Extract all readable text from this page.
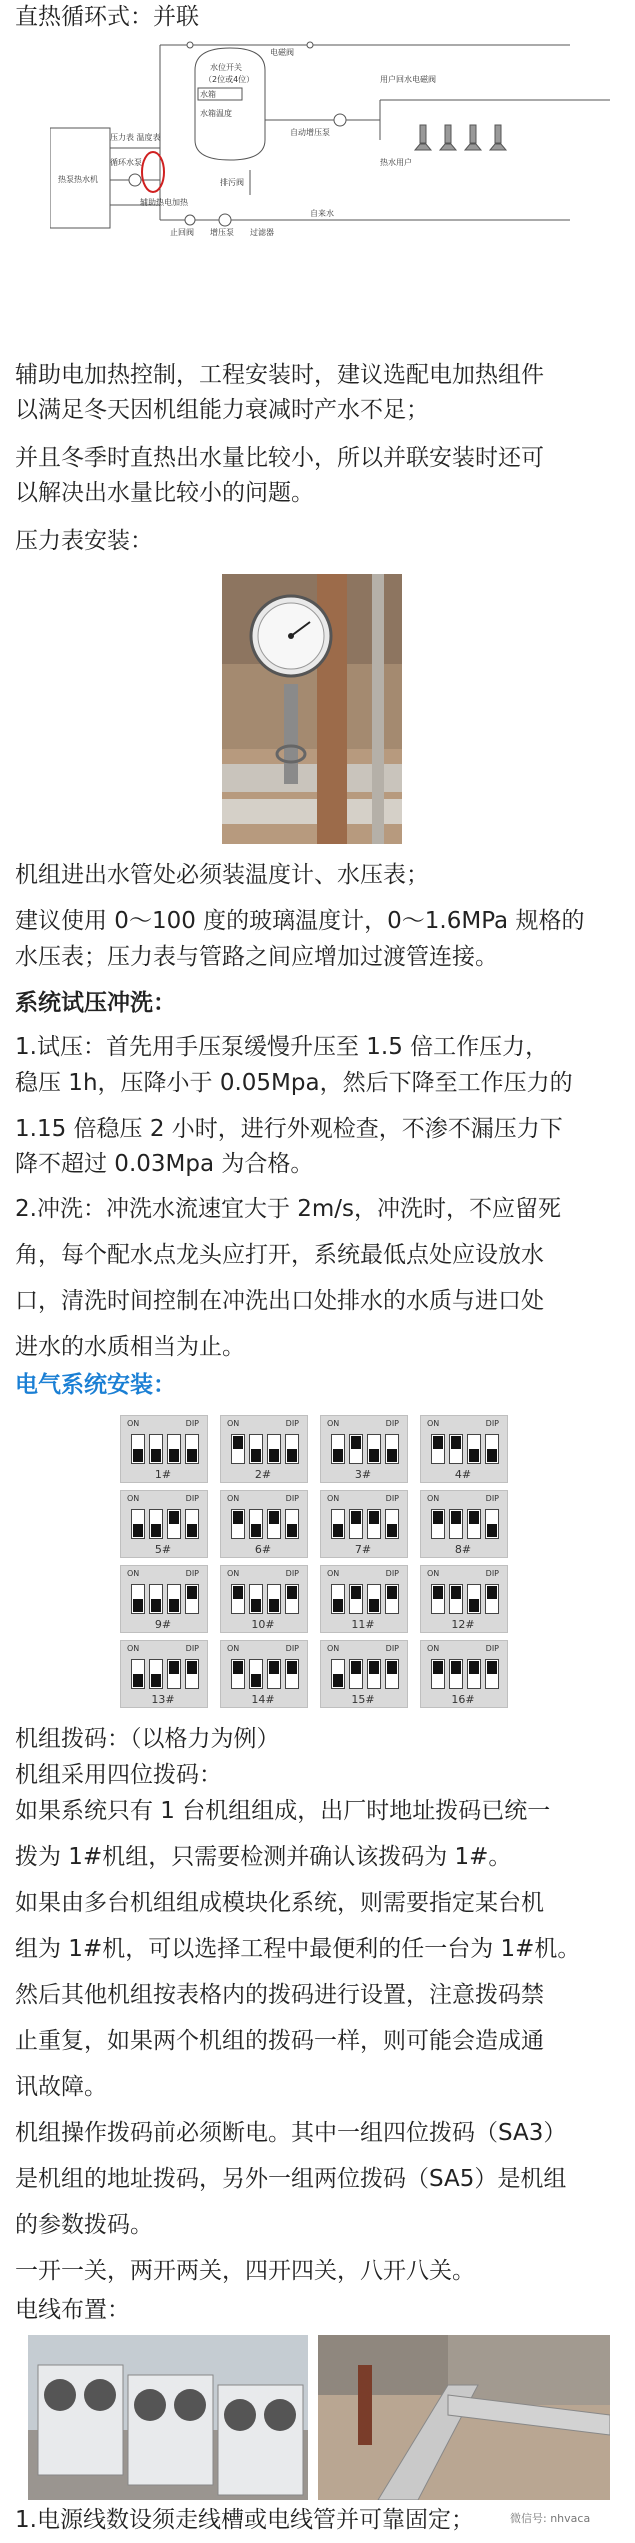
直热循环式：并联
热泵热水机
水位开关
（2位或4位）
水箱
水箱温度
辅助热电加热
压力表 温度表
循环水泵
排污阀
电磁阀
自动增压泵
用户回水电磁阀
热水用户
止回阀 增压泵 过滤器
自来水
辅助电加热控制，工程安装时，建议选配电加热组件
以满足冬天因机组能力衰减时产水不足；
并且冬季时直热出水量比较小，所以并联安装时还可
以解决出水量比较小的问题。
压力表安装：
机组进出水管处必须装温度计、水压表；
建议使用 0～100 度的玻璃温度计，0～1.6MPa 规格的
水压表；压力表与管路之间应增加过渡管连接。
系统试压冲洗：
1.试压：首先用手压泵缓慢升压至 1.5 倍工作压力，
稳压 1h，压降小于 0.05Mpa，然后下降至工作压力的
1.15 倍稳压 2 小时，进行外观检查，不渗不漏压力下
降不超过 0.03Mpa 为合格。
2.冲洗：冲洗水流速宜大于 2m/s，冲洗时，不应留死
角，每个配水点龙头应打开，系统最低点处应设放水
口，清洗时间控制在冲洗出口处排水的水质与进口处
进水的水质相当为止。
电气系统安装：
ON	DIP
1#
ON	DIP
2#
ON	DIP
3#
ON	DIP
4#
ON	DIP
5#
ON	DIP
6#
ON	DIP
7#
ON	DIP
8#
ON	DIP
9#
ON	DIP
10#
ON	DIP
11#
ON	DIP
12#
ON	DIP
13#
ON	DIP
14#
ON	DIP
15#
ON	DIP
16#
机组拨码：（以格力为例）
机组采用四位拨码：
如果系统只有 1 台机组组成，出厂时地址拨码已统一
拨为 1#机组，只需要检测并确认该拨码为 1#。
如果由多台机组组成模块化系统，则需要指定某台机
组为 1#机，可以选择工程中最便利的任一台为 1#机。
然后其他机组按表格内的拨码进行设置，注意拨码禁
止重复，如果两个机组的拨码一样，则可能会造成通
讯故障。
机组操作拨码前必须断电。其中一组四位拨码（SA3）
是机组的地址拨码，另外一组两位拨码（SA5）是机组
的参数拨码。
一开一关，两开两关，四开四关，八开八关。
电线布置：
微信号: nhvaca
1.电源线数设须走线槽或电线管并可靠固定；
